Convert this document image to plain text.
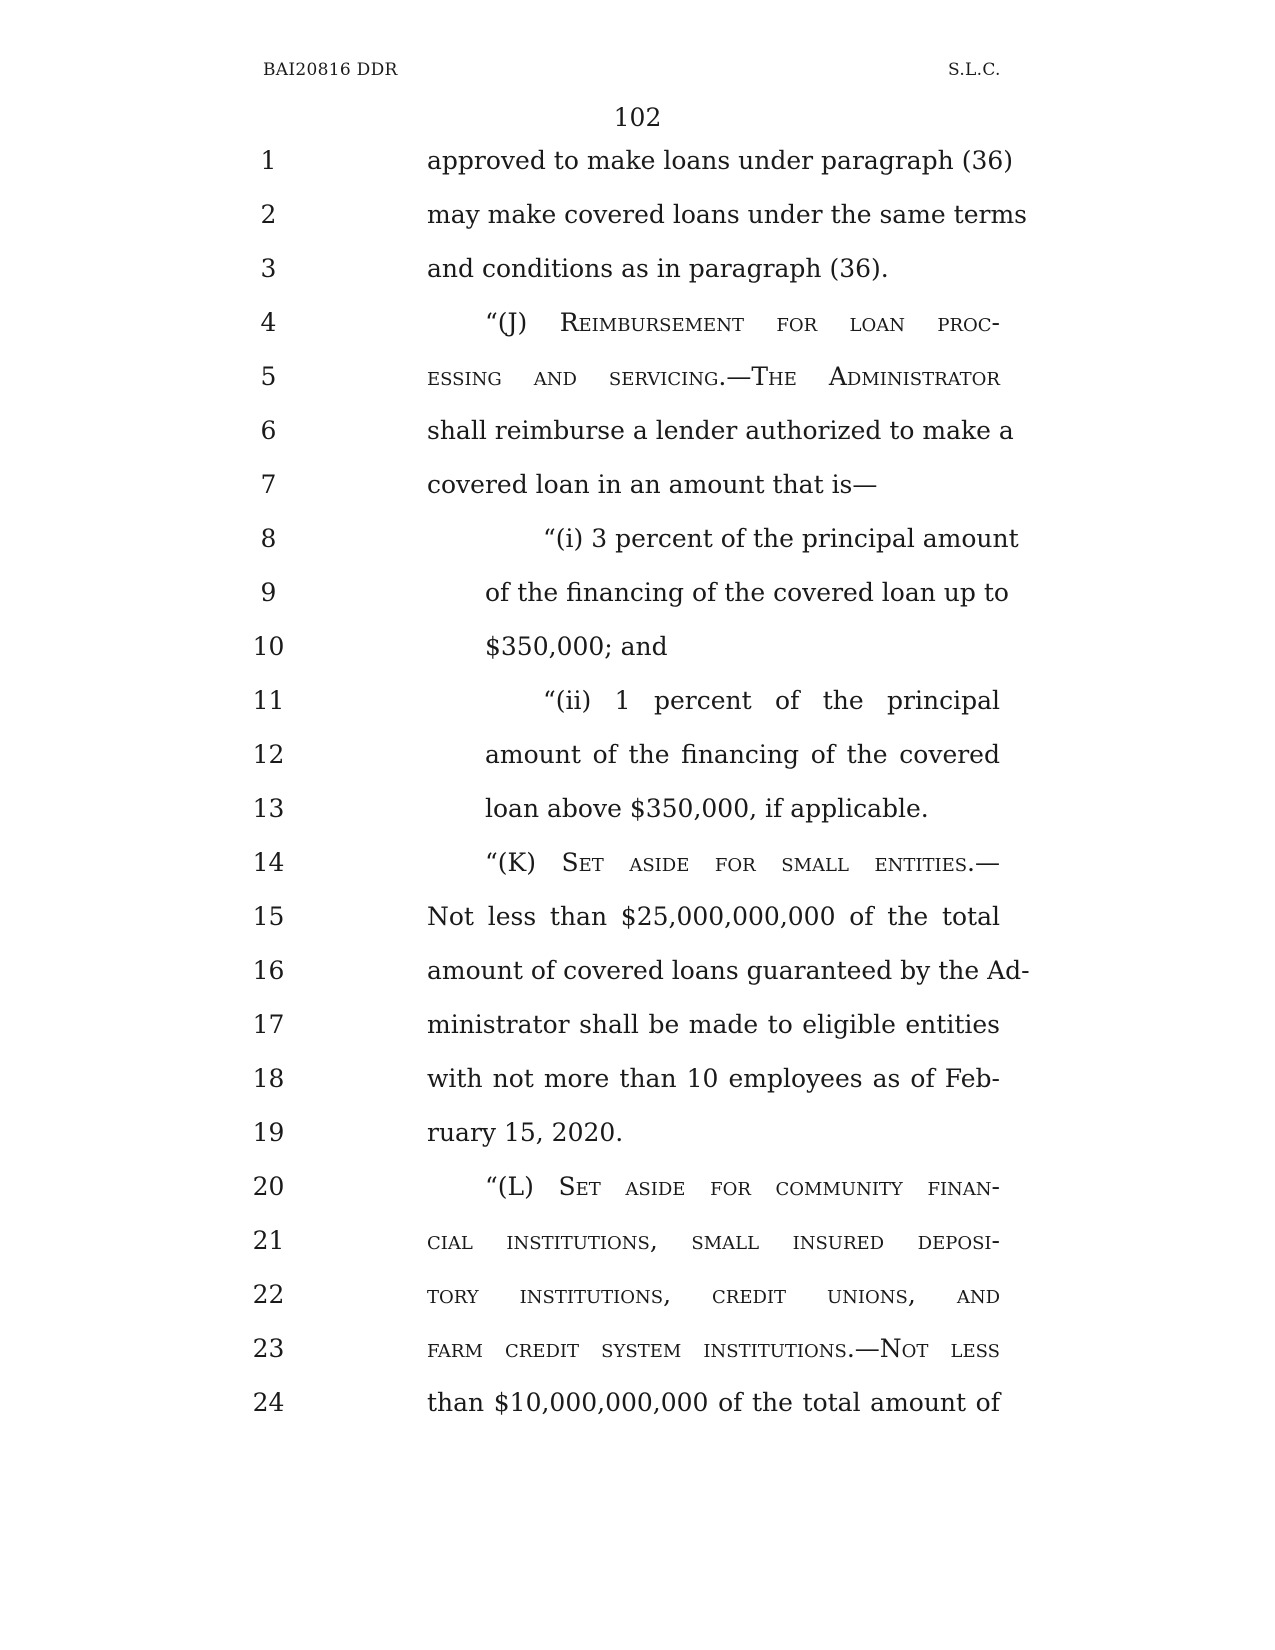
BAI20816 DDR	S.L.C.
102
1	approved to make loans under paragraph (36)
2	may make covered loans under the same terms
3	and conditions as in paragraph (36).
4	“(J) Reimbursement for loan proc-
5	essing and servicing.—The Administrator
6	shall reimburse a lender authorized to make a
7	covered loan in an amount that is—
8	“(i) 3 percent of the principal amount
9	of the financing of the covered loan up to
10	$350,000; and
11	“(ii) 1 percent of the principal
12	amount of the financing of the covered
13	loan above $350,000, if applicable.
14	“(K) Set aside for small entities.—
15	Not less than $25,000,000,000 of the total
16	amount of covered loans guaranteed by the Ad-
17	ministrator shall be made to eligible entities
18	with not more than 10 employees as of Feb-
19	ruary 15, 2020.
20	“(L) Set aside for community finan-
21	cial institutions, small insured deposi-
22	tory institutions, credit unions, and
23	farm credit system institutions.—Not less
24	than $10,000,000,000 of the total amount of
